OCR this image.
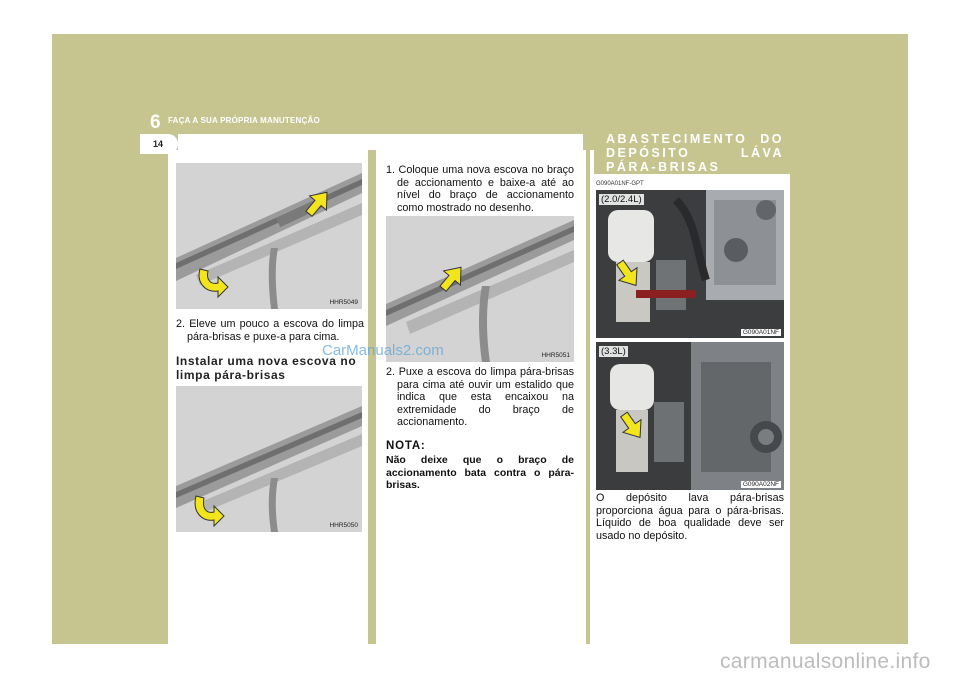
6 FAÇA A SUA PRÓPRIA MANUTENÇÃO
14	ABASTECIMENTO DO DEPÓSITO LÁVA PÁRA-BRISAS
HHR5049
2. Eleve um pouco a escova do limpa pára-brisas e puxe-a para cima.
Instalar uma nova escova no limpa pára-brisas
HHR5050
1. Coloque uma nova escova no braço de accionamento e baixe-a até ao nível do braço de accionamento como mostrado no desenho.
HHR5051
2. Puxe a escova do limpa pára-brisas para cima até ouvir um estalido que indica que esta encaixou na extremidade do braço de accionamento.
NOTA:
Não deixe que o braço de accionamento bata contra o pára-brisas.
G090A01NF-GPT
(2.0/2.4L)
G090A01NF
(3.3L)
G090A02NF
O depósito lava pára-brisas proporciona água para o pára-brisas. Líquido de boa qualidade deve ser usado no depósito.
CarManuals2.com
carmanualsonline.info
